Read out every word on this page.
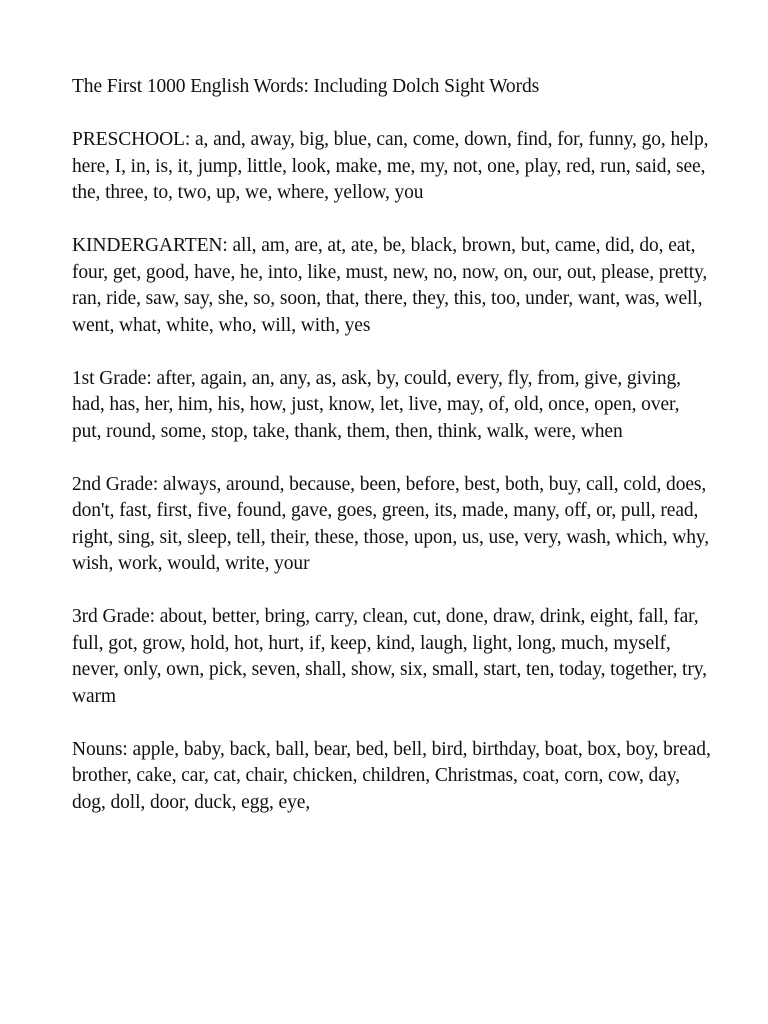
The First 1000 English Words: Including Dolch Sight Words

PRESCHOOL: a, and, away, big, blue, can, come, down, find, for, funny, go, help, here, I, in, is, it, jump, little, look, make, me, my, not, one, play, red, run, said, see, the, three, to, two, up, we, where, yellow, you

KINDERGARTEN: all, am, are, at, ate, be, black, brown, but, came, did, do, eat, four, get, good, have, he, into, like, must, new, no, now, on, our, out, please, pretty, ran, ride, saw, say, she, so, soon, that, there, they, this, too, under, want, was, well, went, what, white, who, will, with, yes

1st Grade: after, again, an, any, as, ask, by, could, every, fly, from, give, giving, had, has, her, him, his, how, just, know, let, live, may, of, old, once, open, over, put, round, some, stop, take, thank, them, then, think, walk, were, when

2nd Grade: always, around, because, been, before, best, both, buy, call, cold, does, don't, fast, first, five, found, gave, goes, green, its, made, many, off, or, pull, read, right, sing, sit, sleep, tell, their, these, those, upon, us, use, very, wash, which, why, wish, work, would, write, your

3rd Grade: about, better, bring, carry, clean, cut, done, draw, drink, eight, fall, far, full, got, grow, hold, hot, hurt, if, keep, kind, laugh, light, long, much, myself, never, only, own, pick, seven, shall, show, six, small, start, ten, today, together, try, warm

Nouns: apple, baby, back, ball, bear, bed, bell, bird, birthday, boat, box, boy, bread, brother, cake, car, cat, chair, chicken, children, Christmas, coat, corn, cow, day, dog, doll, door, duck, egg, eye,
